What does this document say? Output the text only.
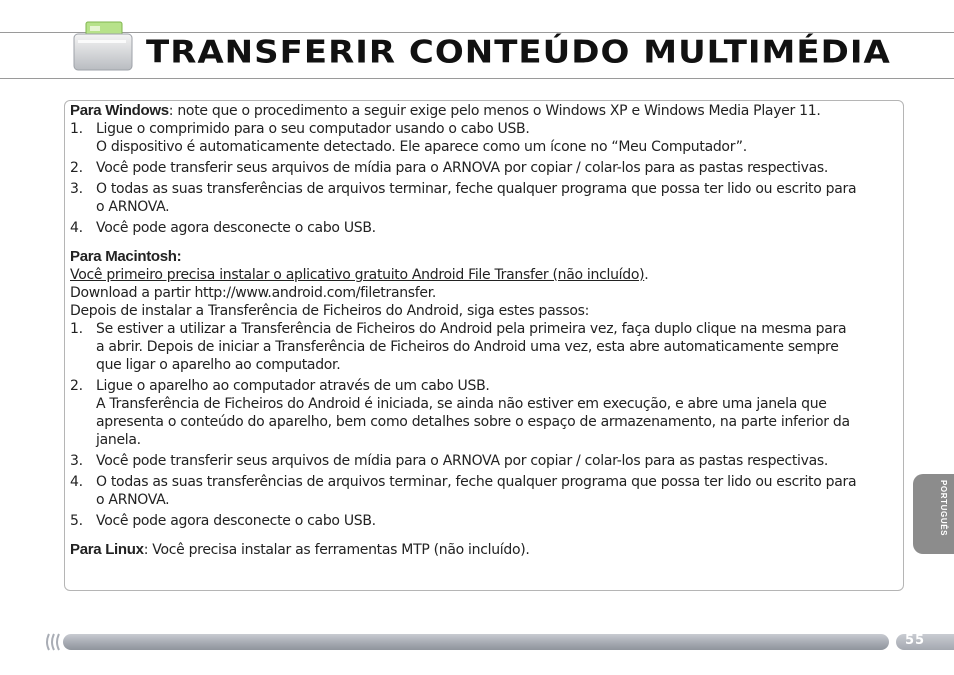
TRANSFERIR CONTEÚDO MULTIMÉDIA

Para Windows: note que o procedimento a seguir exige pelo menos o Windows XP e Windows Media Player 11.

1. Ligue o comprimido para o seu computador usando o cabo USB.
O dispositivo é automaticamente detectado. Ele aparece como um ícone no “Meu Computador”.
2. Você pode transferir seus arquivos de mídia para o ARNOVA por copiar / colar-los para as pastas respectivas.
3. O todas as suas transferências de arquivos terminar, feche qualquer programa que possa ter lido ou escrito para
o ARNOVA.
4. Você pode agora desconecte o cabo USB.

Para Macintosh:

Você primeiro precisa instalar o aplicativo gratuito Android File Transfer (não incluído).

Download a partir http://www.android.com/filetransfer.

Depois de instalar a Transferência de Ficheiros do Android, siga estes passos:

1. Se estiver a utilizar a Transferência de Ficheiros do Android pela primeira vez, faça duplo clique na mesma para
a abrir. Depois de iniciar a Transferência de Ficheiros do Android uma vez, esta abre automaticamente sempre
que ligar o aparelho ao computador.
2. Ligue o aparelho ao computador através de um cabo USB.
A Transferência de Ficheiros do Android é iniciada, se ainda não estiver em execução, e abre uma janela que
apresenta o conteúdo do aparelho, bem como detalhes sobre o espaço de armazenamento, na parte inferior da
janela.
3. Você pode transferir seus arquivos de mídia para o ARNOVA por copiar / colar-los para as pastas respectivas.
4. O todas as suas transferências de arquivos terminar, feche qualquer programa que possa ter lido ou escrito para
o ARNOVA.
5. Você pode agora desconecte o cabo USB.

Para Linux: Você precisa instalar as ferramentas MTP (não incluído).

PORTUGUÊS
55
